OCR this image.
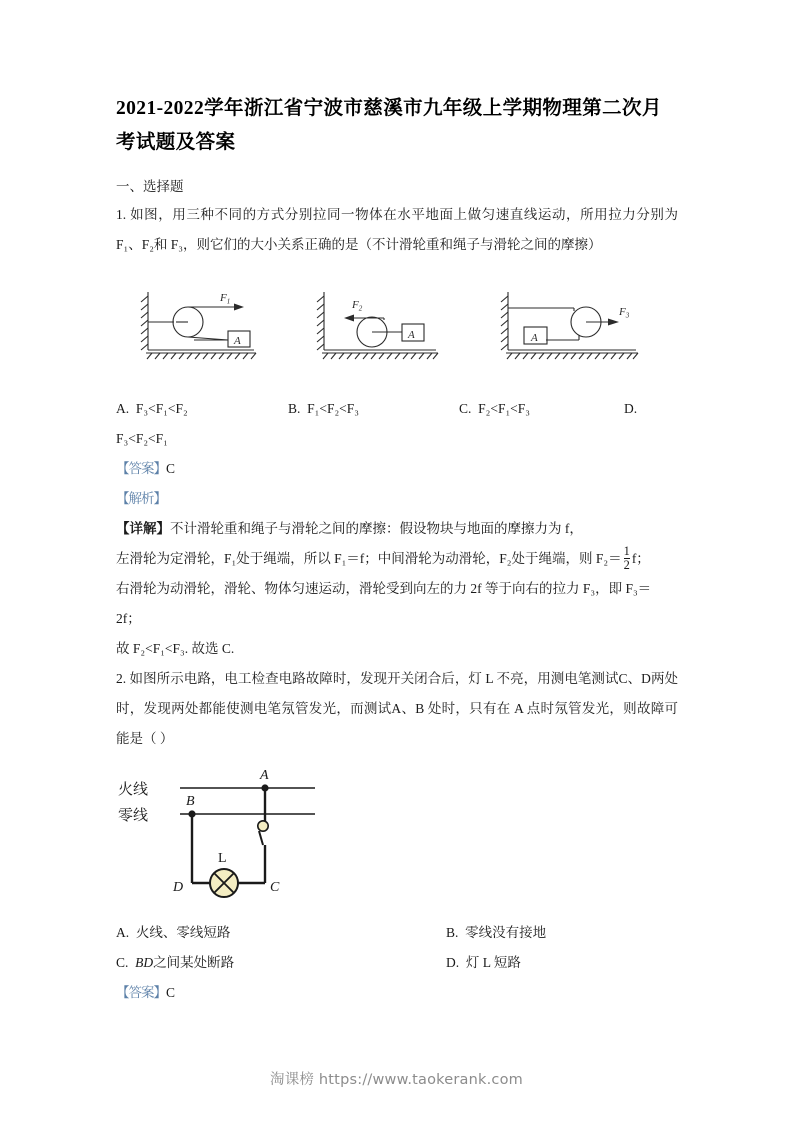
2021-2022学年浙江省宁波市慈溪市九年级上学期物理第二次月考试题及答案
一、选择题
1. 如图，用三种不同的方式分别拉同一物体在水平地面上做匀速直线运动，所用拉力分别为F₁、F₂和 F₃，则它们的大小关系正确的是（不计滑轮重和绳子与滑轮之间的摩擦）
$F_1$	$F_2$	$F_3$
A	A	A
A. F₃<F₁<F₂	B. F₁<F₂<F₃	C. F₂<F₁<F₃	D.
F₃<F₂<F₁
【答案】C
【解析】
【详解】不计滑轮重和绳子与滑轮之间的摩擦：假设物块与地面的摩擦力为 f，
左滑轮为定滑轮，F₁处于绳端，所以 F₁＝f；中间滑轮为动滑轮，F₂处于绳端，则 $F_2= \frac{1}{2}$ f；
右滑轮为动滑轮，滑轮、物体匀速运动，滑轮受到向左的力 2f 等于向右的拉力 F₃，即 F₃＝
2f；
故 F₂<F₁<F₃. 故选 C.
2. 如图所示电路，电工检查电路故障时，发现开关闭合后，灯 L 不亮，用测电笔测试C、D两处时，发现两处都能使测电笔氖管发光，而测试A、B 处时，只有在 A 点时氖管发光，则故障可能是（ ）
火线
零线
A
B
C
D
L
A. 火线、零线短路	B. 零线没有接地
C. BD之间某处断路	D. 灯 L 短路
【答案】C
淘课榜 https://www.taokerank.com
